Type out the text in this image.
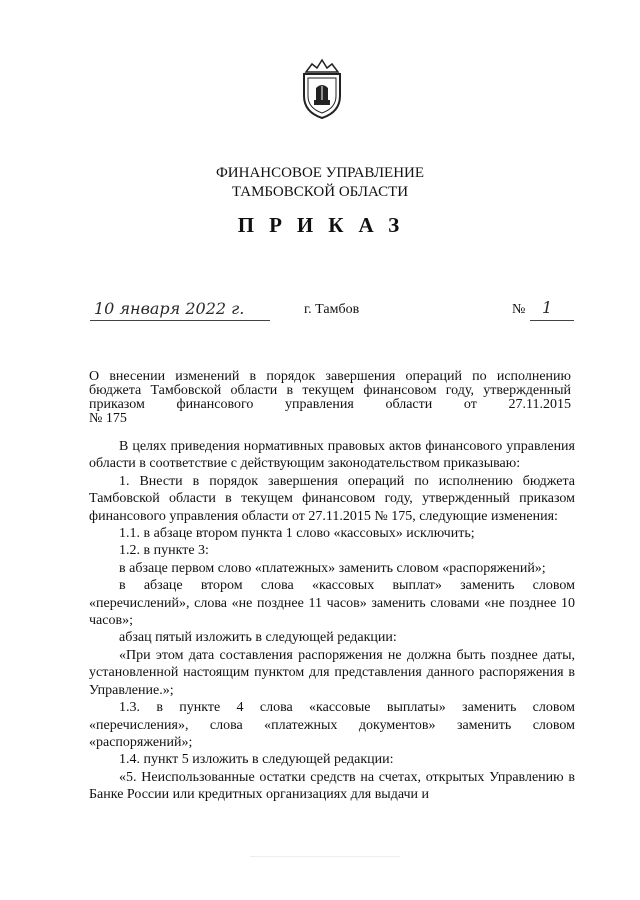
ФИНАНСОВОЕ УПРАВЛЕНИЕ
ТАМБОВСКОЙ ОБЛАСТИ
ПРИКАЗ
10 января 2022 г.	г. Тамбов	№ 1
О внесении изменений в порядок завершения операций по исполнению
бюджета Тамбовской области в текущем финансовом году, утвержденный
приказом финансового управления области от 27.11.2015
№ 175

В целях приведения нормативных правовых актов финансового управления области в соответствие с действующим законодательством приказываю:

1. Внести в порядок завершения операций по исполнению бюджета Тамбовской области в текущем финансовом году, утвержденный приказом финансового управления области от 27.11.2015 № 175, следующие изменения:

1.1. в абзаце втором пункта 1 слово «кассовых» исключить;

1.2. в пункте 3:

в абзаце первом слово «платежных» заменить словом «распоряжений»;

в абзаце втором слова «кассовых выплат» заменить словом «перечислений», слова «не позднее 11 часов» заменить словами «не позднее 10 часов»;

абзац пятый изложить в следующей редакции:

«При этом дата составления распоряжения не должна быть позднее даты, установленной настоящим пунктом для представления данного распоряжения в Управление.»;

1.3. в пункте 4 слова «кассовые выплаты» заменить словом «перечисления», слова «платежных документов» заменить словом «распоряжений»;

1.4. пункт 5 изложить в следующей редакции:

«5. Неиспользованные остатки средств на счетах, открытых Управлению в Банке России или кредитных организациях для выдачи и
